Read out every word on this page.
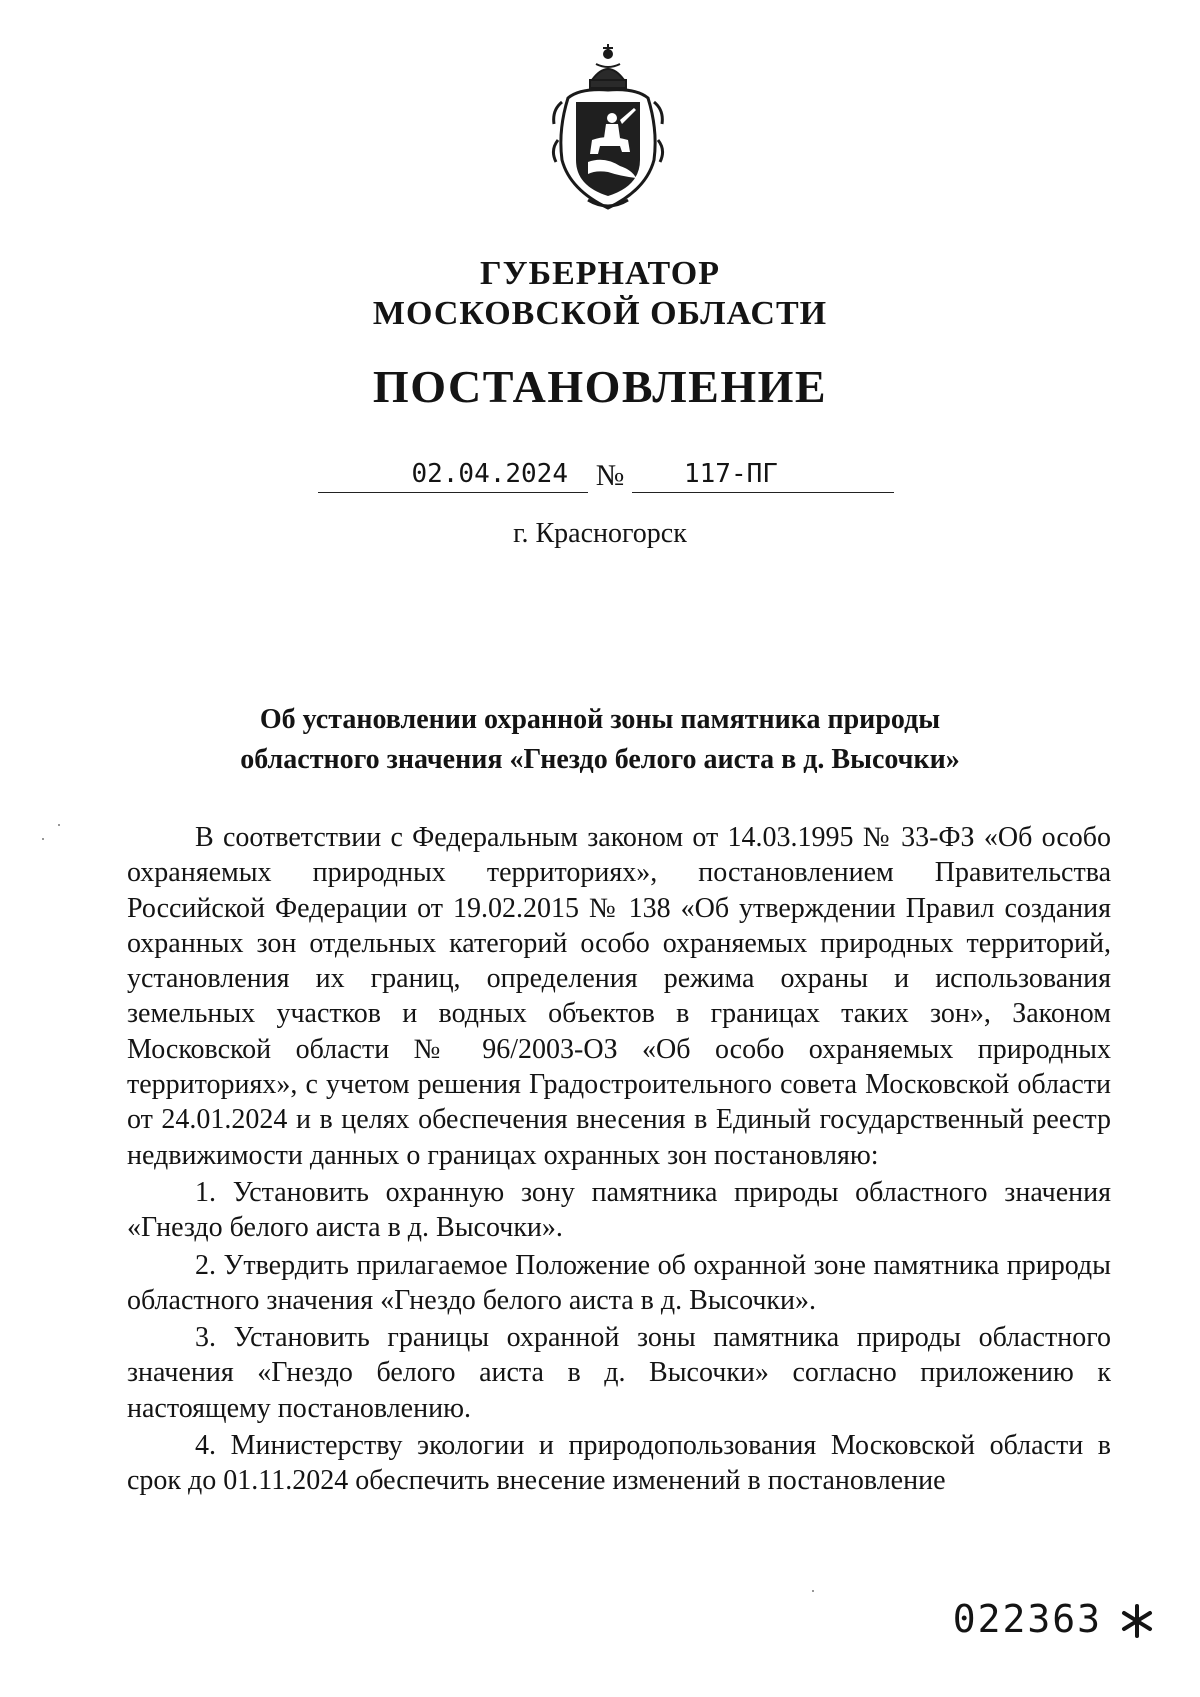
ГУБЕРНАТОР
МОСКОВСКОЙ ОБЛАСТИ
ПОСТАНОВЛЕНИЕ
02.04.2024 №	117-ПГ
г. Красногорск
Об установлении охранной зоны памятника природы
областного значения «Гнездо белого аиста в д. Высочки»

В соответствии с Федеральным законом от 14.03.1995 № 33-ФЗ «Об особо охраняемых природных территориях», постановлением Правительства Российской Федерации от 19.02.2015 № 138 «Об утверждении Правил создания охранных зон отдельных категорий особо охраняемых природных территорий, установления их границ, определения режима охраны и использования земельных участков и водных объектов в границах таких зон», Законом Московской области № 96/2003-ОЗ «Об особо охраняемых природных территориях», с учетом решения Градостроительного совета Московской области от 24.01.2024 и в целях обеспечения внесения в Единый государственный реестр недвижимости данных о границах охранных зон постановляю:

1. Установить охранную зону памятника природы областного значения «Гнездо белого аиста в д. Высочки».

2. Утвердить прилагаемое Положение об охранной зоне памятника природы областного значения «Гнездо белого аиста в д. Высочки».

3. Установить границы охранной зоны памятника природы областного значения «Гнездо белого аиста в д. Высочки» согласно приложению к настоящему постановлению.

4. Министерству экологии и природопользования Московской области в срок до 01.11.2024 обеспечить внесение изменений в постановление

022363
